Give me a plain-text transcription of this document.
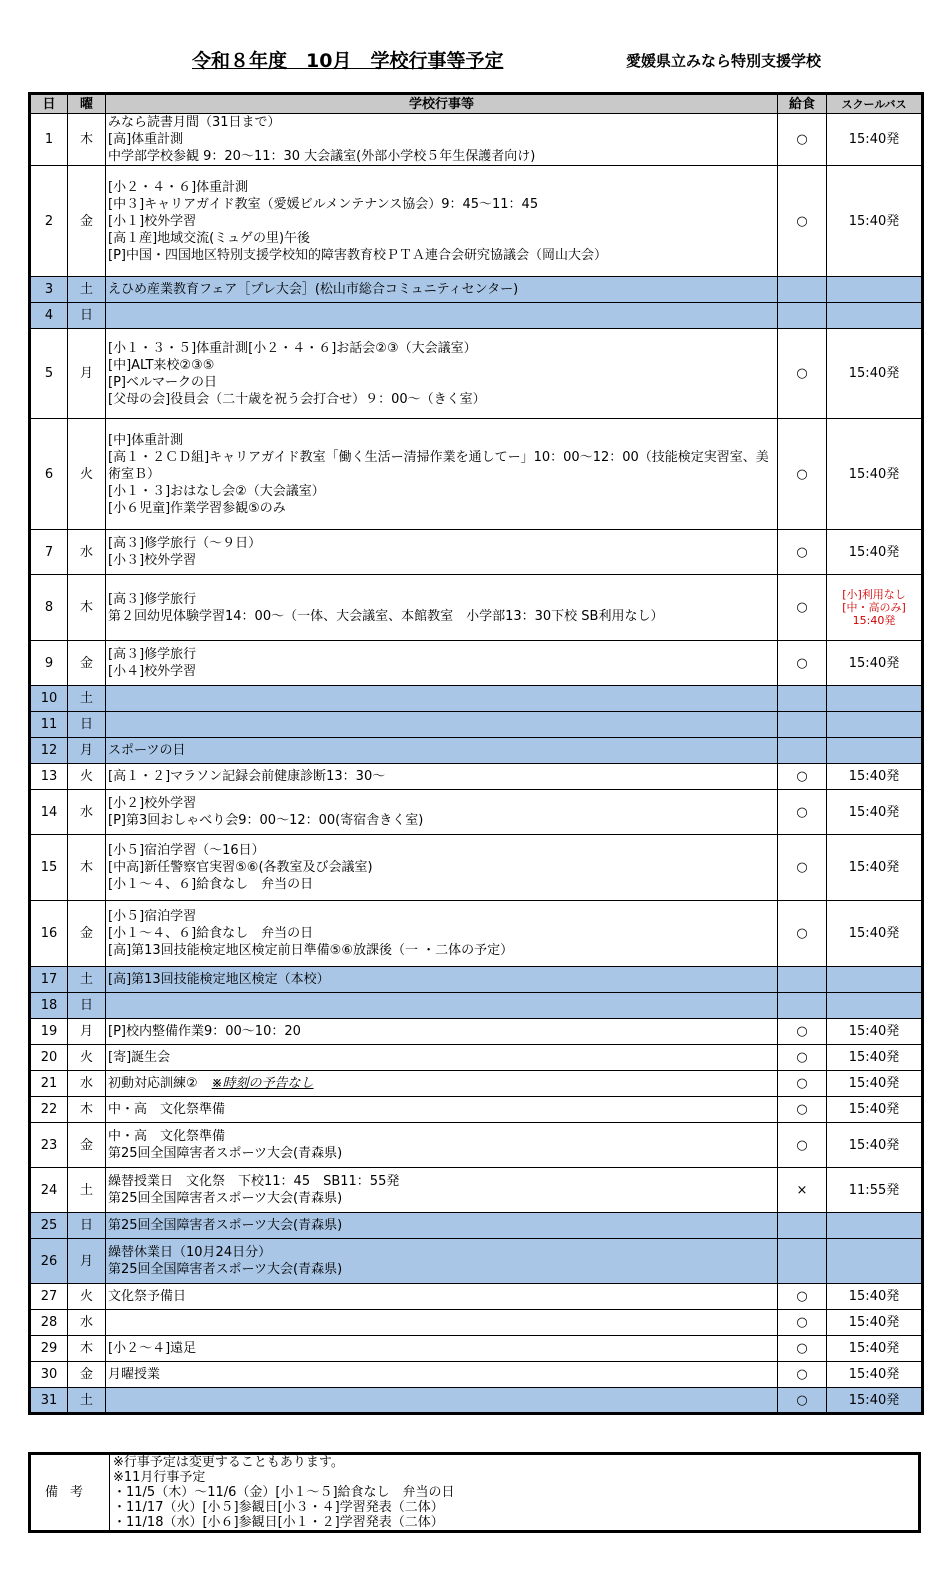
令和８年度　10月　学校行事等予定	愛媛県立みなら特別支援学校
日	曜	学校行事等	給食	スクールバス
1	木	みなら読書月間（31日まで）
[高]体重計測
中学部学校参観 9：20～11：30 大会議室(外部小学校５年生保護者向け)	○	15:40発
2	金	[小２・４・６]体重計測
[中３]キャリアガイド教室（愛媛ビルメンテナンス協会）9：45～11：45
[小１]校外学習
[高１産]地域交流(ミュゲの里)午後
[P]中国・四国地区特別支援学校知的障害教育校ＰＴＡ連合会研究協議会（岡山大会）	○	15:40発
3	土	えひめ産業教育フェア［プレ大会］(松山市総合コミュニティセンター)		
4	日			
5	月	[小１・３・５]体重計測[小２・４・６]お話会②③（大会議室）
[中]ALT来校②③⑤
[P]ベルマークの日
[父母の会]役員会（二十歳を祝う会打合せ）９：00～（きく室）	○	15:40発
6	火	[中]体重計測
[高１・２ＣＤ組]キャリアガイド教室「働く生活ー清掃作業を通してー」10：00～12：00（技能検定実習室、美術室Ｂ）
[小１・３]おはなし会②（大会議室）
[小６児童]作業学習参観⑤のみ	○	15:40発
7	水	[高３]修学旅行（～９日）
[小３]校外学習	○	15:40発
8	木	[高３]修学旅行
第２回幼児体験学習14：00～（一体、大会議室、本館教室　小学部13：30下校 SB利用なし）	○	[小]利用なし
[中・高のみ]
15:40発
9	金	[高３]修学旅行
[小４]校外学習	○	15:40発
10	土			
11	日			
12	月	スポーツの日		
13	火	[高１・２]マラソン記録会前健康診断13：30～	○	15:40発
14	水	[小２]校外学習
[P]第3回おしゃべり会9：00～12：00(寄宿舎きく室)	○	15:40発
15	木	[小５]宿泊学習（～16日）
[中高]新任警察官実習⑤⑥(各教室及び会議室)
[小１～４、６]給食なし　弁当の日	○	15:40発
16	金	[小５]宿泊学習
[小１～４、６]給食なし　弁当の日
[高]第13回技能検定地区検定前日準備⑤⑥放課後（一 ・二体の予定）	○	15:40発
17	土	[高]第13回技能検定地区検定（本校）		
18	日			
19	月	[P]校内整備作業9：00～10：20	○	15:40発
20	火	[寄]誕生会	○	15:40発
21	水	初動対応訓練② ※時刻の予告なし	○	15:40発
22	木	中・高　文化祭準備	○	15:40発
23	金	中・高　文化祭準備
第25回全国障害者スポーツ大会(青森県)	○	15:40発
24	土	繰替授業日　文化祭　下校11：45　SB11：55発
第25回全国障害者スポーツ大会(青森県)	×	11:55発
25	日	第25回全国障害者スポーツ大会(青森県)		
26	月	繰替休業日（10月24日分）
第25回全国障害者スポーツ大会(青森県)		
27	火	文化祭予備日	○	15:40発
28	水		○	15:40発
29	木	[小２～４]遠足	○	15:40発
30	金	月曜授業	○	15:40発
31	土		○	15:40発
備考	※行事予定は変更することもあります。
※11月行事予定
・11/5（木）～11/6（金）[小１～５]給食なし　弁当の日
・11/17（火）[小５]参観日[小３・４]学習発表（二体）
・11/18（水）[小６]参観日[小１・２]学習発表（二体）
